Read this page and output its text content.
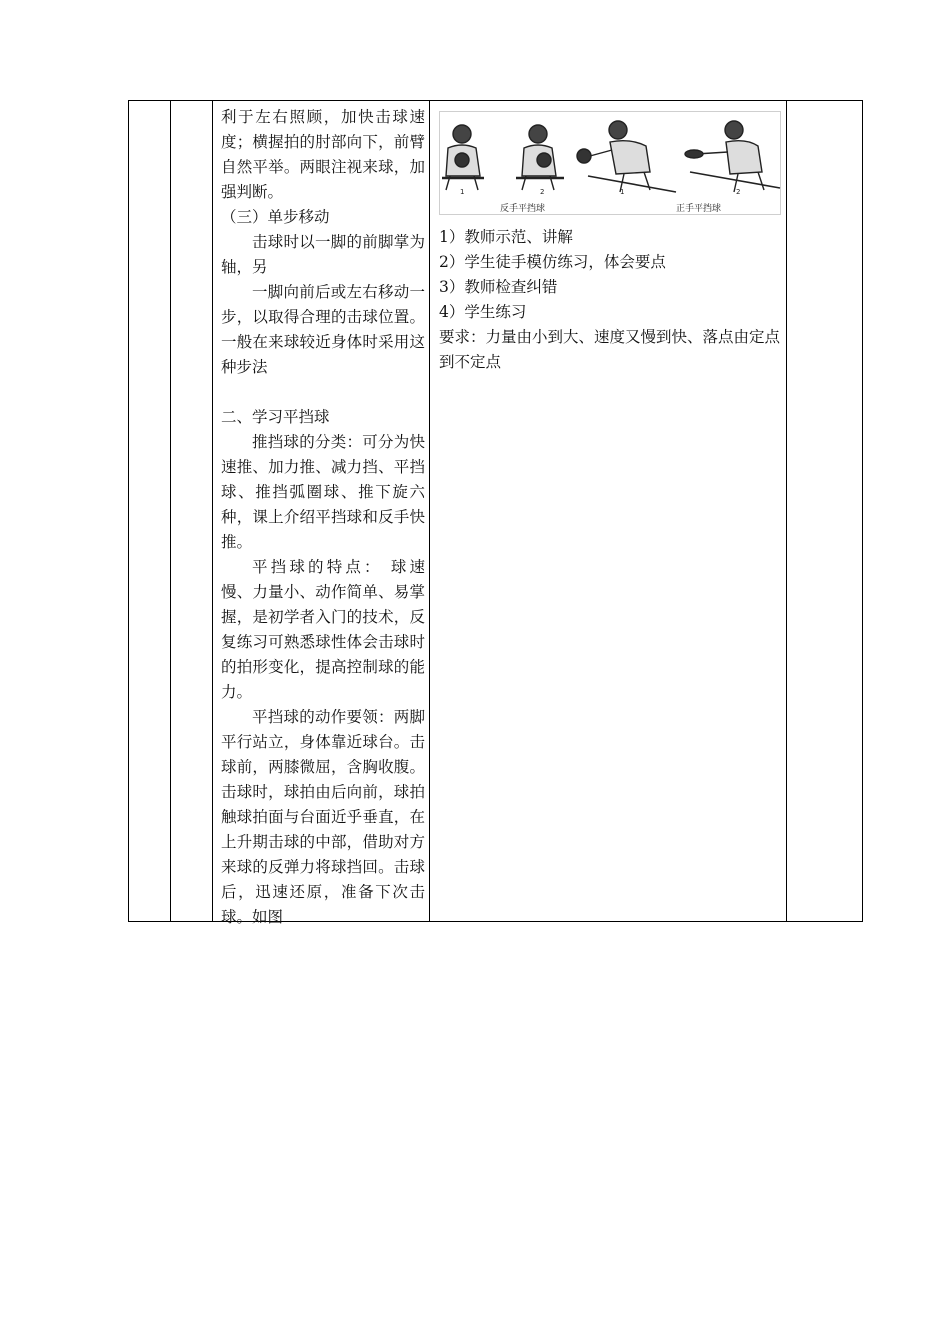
利于左右照顾，加快击球速度；横握拍的肘部向下，前臂自然平举。两眼注视来球，加强判断。

（三）单步移动

击球时以一脚的前脚掌为轴，另

一脚向前后或左右移动一步，以取得合理的击球位置。一般在来球较近身体时采用这种步法

二、学习平挡球

推挡球的分类：可分为快速推、加力推、减力挡、平挡球、推挡弧圈球、推下旋六种，课上介绍平挡球和反手快推。

平挡球的特点： 球速慢、力量小、动作简单、易掌握，是初学者入门的技术，反复练习可熟悉球性体会击球时的拍形变化，提高控制球的能力。

平挡球的动作要领：两脚平行站立，身体靠近球台。击球前，两膝微屈，含胸收腹。击球时，球拍由后向前，球拍触球拍面与台面近乎垂直，在上升期击球的中部，借助对方来球的反弹力将球挡回。击球后，迅速还原，准备下次击球。如图

1	2	1	2
反手平挡球	正手平挡球

1）教师示范、讲解

2）学生徒手模仿练习，体会要点

3）教师检查纠错

4）学生练习

要求：力量由小到大、速度又慢到快、落点由定点到不定点
